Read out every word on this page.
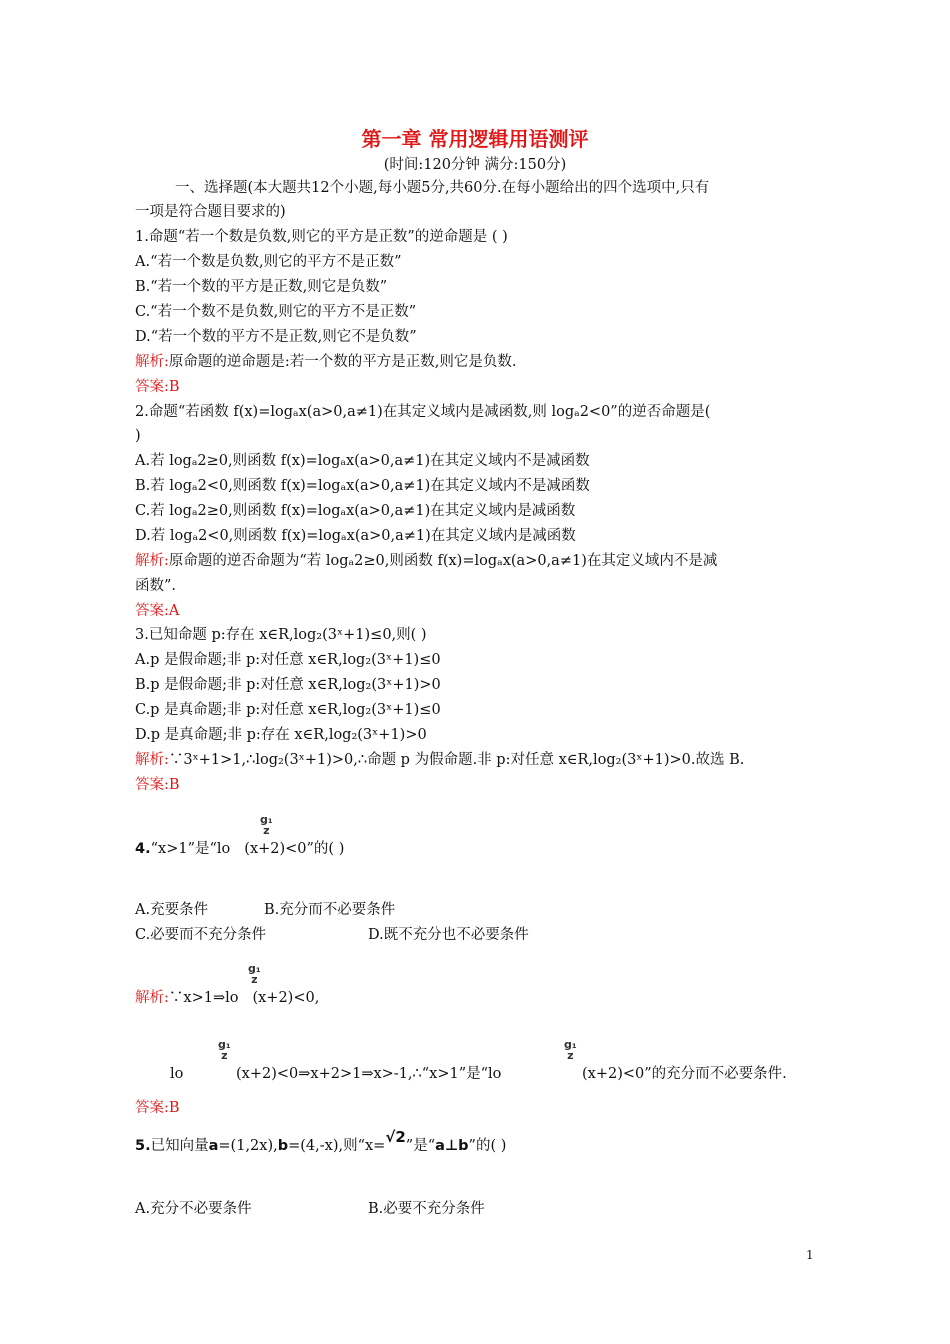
第一章 常用逻辑用语测评
(时间:120分钟 满分:150分)
一、选择题(本大题共12个小题,每小题5分,共60分.在每小题给出的四个选项中,只有
一项是符合题目要求的)
1.命题“若一个数是负数,则它的平方是正数”的逆命题是 ( )
A.“若一个数是负数,则它的平方不是正数”
B.“若一个数的平方是正数,则它是负数”
C.“若一个数不是负数,则它的平方不是正数”
D.“若一个数的平方不是正数,则它不是负数”
解析:原命题的逆命题是:若一个数的平方是正数,则它是负数.
答案:B
2.命题“若函数 f(x)=logₐx(a>0,a≠1)在其定义域内是减函数,则 logₐ2<0”的逆否命题是(
)
A.若 logₐ2≥0,则函数 f(x)=logₐx(a>0,a≠1)在其定义域内不是减函数
B.若 logₐ2<0,则函数 f(x)=logₐx(a>0,a≠1)在其定义域内不是减函数
C.若 logₐ2≥0,则函数 f(x)=logₐx(a>0,a≠1)在其定义域内是减函数
D.若 logₐ2<0,则函数 f(x)=logₐx(a>0,a≠1)在其定义域内是减函数
解析:原命题的逆否命题为“若 logₐ2≥0,则函数 f(x)=logₐx(a>0,a≠1)在其定义域内不是减
函数”.
答案:A
3.已知命题 p:存在 x∈R,log₂(3ˣ+1)≤0,则( )
A.p 是假命题;非 p:对任意 x∈R,log₂(3ˣ+1)≤0
B.p 是假命题;非 p:对任意 x∈R,log₂(3ˣ+1)>0
C.p 是真命题;非 p:对任意 x∈R,log₂(3ˣ+1)≤0
D.p 是真命题;非 p:存在 x∈R,log₂(3ˣ+1)>0
解析:∵3ˣ+1>1,∴log₂(3ˣ+1)>0,∴命题 p 为假命题.非 p:对任意 x∈R,log₂(3ˣ+1)>0.故选 B.
答案:B
g₁
z
4.“x>1”是“lo (x+2)<0”的( )
A.充要条件	B.充分而不必要条件
C.必要而不充分条件	D.既不充分也不必要条件
g₁
z
解析:∵x>1⇒lo (x+2)<0,
g₁
z
g₁
z
lo	(x+2)<0⇒x+2>1⇒x>-1,∴“x>1”是“lo	(x+2)<0”的充分而不必要条件.
答案:B
5.已知向量a=(1,2x),b=(4,-x),则“x=√2”是“a⊥b”的( )
A.充分不必要条件	B.必要不充分条件
1
